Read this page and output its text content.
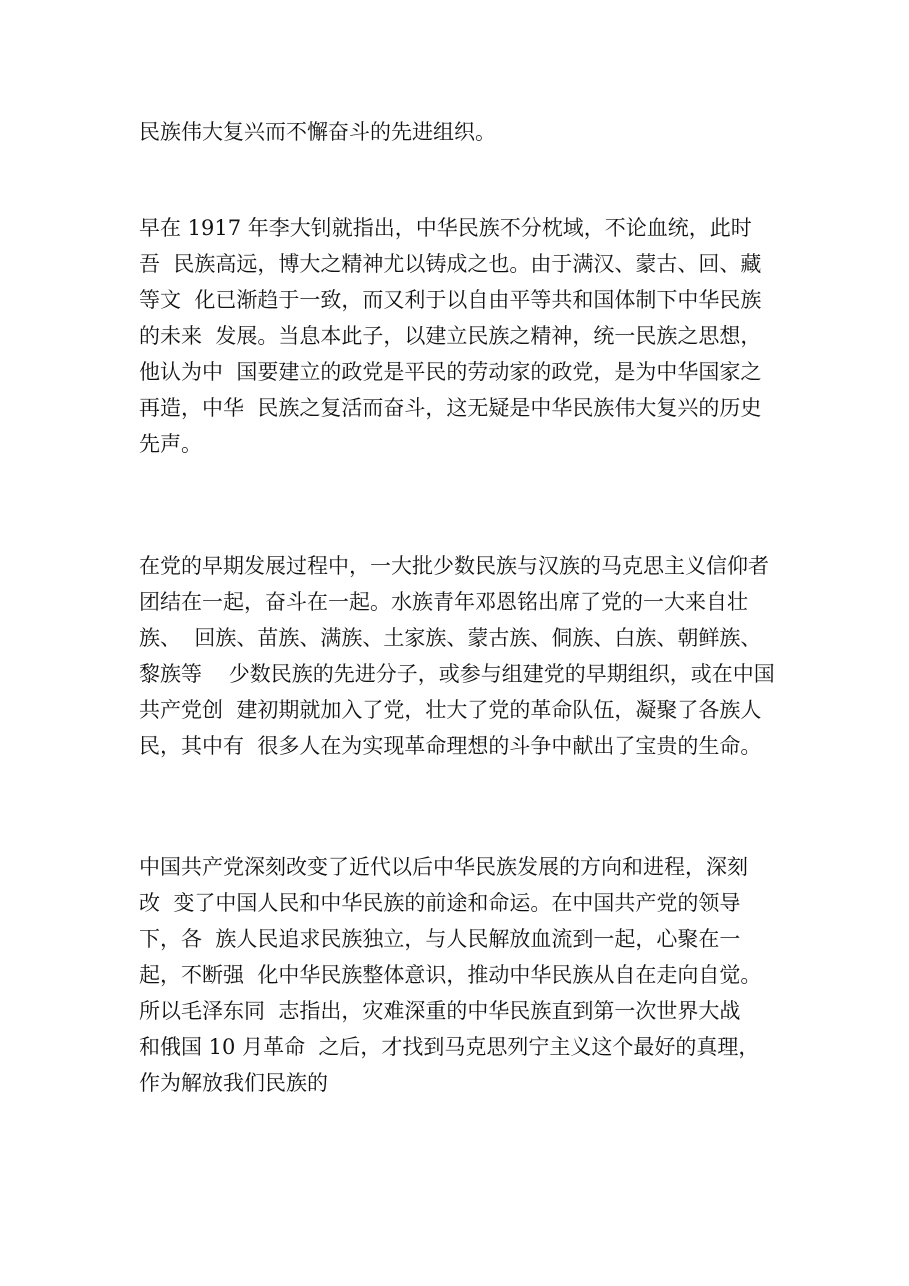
民族伟大复兴而不懈奋斗的先进组织。
早在 1917 年李大钊就指出，中华民族不分枕域，不论血统，此时
吾  民族高远，博大之精神尤以铸成之也。由于满汉、蒙古、回、藏
等文  化已渐趋于一致，而又利于以自由平等共和国体制下中华民族
的未来  发展。当息本此子，以建立民族之精神，统一民族之思想，
他认为中  国要建立的政党是平民的劳动家的政党，是为中华国家之
再造，中华  民族之复活而奋斗，这无疑是中华民族伟大复兴的历史
先声。
在党的早期发展过程中，一大批少数民族与汉族的马克思主义信仰者
团结在一起，奋斗在一起。水族青年邓恩铭出席了党的一大来自壮
族、  回族、苗族、满族、土家族、蒙古族、侗族、白族、朝鲜族、
黎族等    少数民族的先进分子，或参与组建党的早期组织，或在中国
共产党创  建初期就加入了党，壮大了党的革命队伍，凝聚了各族人
民，其中有  很多人在为实现革命理想的斗争中献出了宝贵的生命。
中国共产党深刻改变了近代以后中华民族发展的方向和进程，深刻
改  变了中国人民和中华民族的前途和命运。在中国共产党的领导
下，各  族人民追求民族独立，与人民解放血流到一起，心聚在一
起，不断强  化中华民族整体意识，推动中华民族从自在走向自觉。
所以毛泽东同  志指出，灾难深重的中华民族直到第一次世界大战
和俄国 10 月革命  之后，才找到马克思列宁主义这个最好的真理，
作为解放我们民族的
